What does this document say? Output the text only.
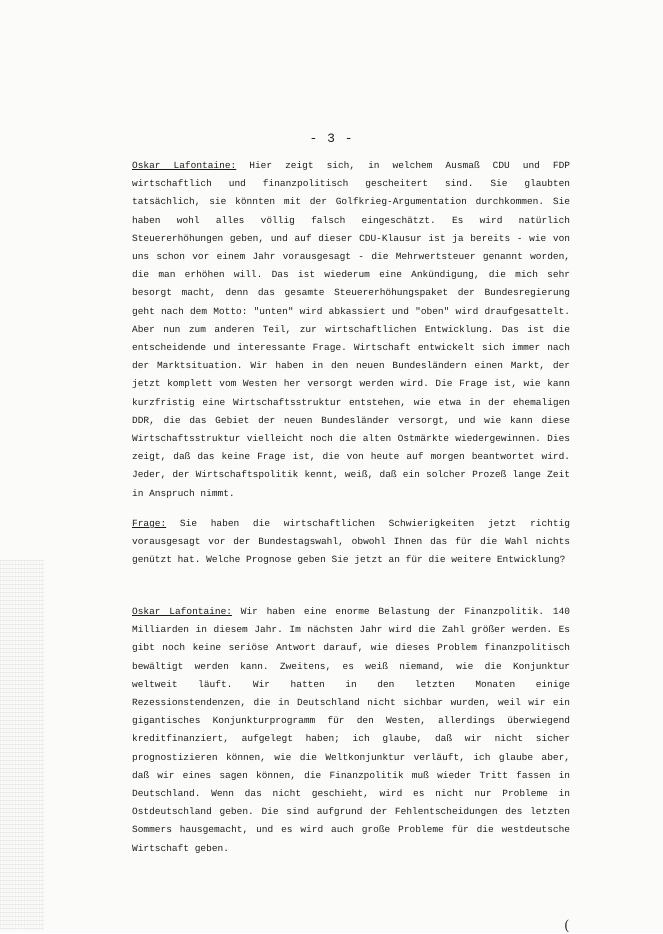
- 3 -

Oskar Lafontaine: Hier zeigt sich, in welchem Ausmaß CDU und FDP wirtschaftlich und finanzpolitisch gescheitert sind. Sie glaubten tatsächlich, sie könnten mit der Golfkrieg-Argumentation durchkommen. Sie haben wohl alles völlig falsch eingeschätzt. Es wird natürlich Steuererhöhungen geben, und auf dieser CDU-Klausur ist ja bereits - wie von uns schon vor einem Jahr vorausgesagt - die Mehrwertsteuer genannt worden, die man erhöhen will. Das ist wiederum eine Ankündigung, die mich sehr besorgt macht, denn das gesamte Steuererhöhungspaket der Bundesregierung geht nach dem Motto: "unten" wird abkassiert und "oben" wird draufgesattelt. Aber nun zum anderen Teil, zur wirtschaftlichen Entwicklung. Das ist die entscheidende und interessante Frage. Wirtschaft entwickelt sich immer nach der Marktsituation. Wir haben in den neuen Bundesländern einen Markt, der jetzt komplett vom Westen her versorgt werden wird. Die Frage ist, wie kann kurzfristig eine Wirtschaftsstruktur entstehen, wie etwa in der ehemaligen DDR, die das Gebiet der neuen Bundesländer versorgt, und wie kann diese Wirtschaftsstruktur vielleicht noch die alten Ostmärkte wiedergewinnen. Dies zeigt, daß das keine Frage ist, die von heute auf morgen beantwortet wird. Jeder, der Wirtschaftspolitik kennt, weiß, daß ein solcher Prozeß lange Zeit in Anspruch nimmt.

Frage: Sie haben die wirtschaftlichen Schwierigkeiten jetzt richtig vorausgesagt vor der Bundestagswahl, obwohl Ihnen das für die Wahl nichts genützt hat. Welche Prognose geben Sie jetzt an für die weitere Entwicklung?

Oskar Lafontaine: Wir haben eine enorme Belastung der Finanzpolitik. 140 Milliarden in diesem Jahr. Im nächsten Jahr wird die Zahl größer werden. Es gibt noch keine seriöse Antwort darauf, wie dieses Problem finanzpolitisch bewältigt werden kann. Zweitens, es weiß niemand, wie die Konjunktur weltweit läuft. Wir hatten in den letzten Monaten einige Rezessionstendenzen, die in Deutschland nicht sichbar wurden, weil wir ein gigantisches Konjunkturprogramm für den Westen, allerdings überwiegend kreditfinanziert, aufgelegt haben; ich glaube, daß wir nicht sicher prognostizieren können, wie die Weltkonjunktur verläuft, ich glaube aber, daß wir eines sagen können, die Finanzpolitik muß wieder Tritt fassen in Deutschland. Wenn das nicht geschieht, wird es nicht nur Probleme in Ostdeutschland geben. Die sind aufgrund der Fehlentscheidungen des letzten Sommers hausgemacht, und es wird auch große Probleme für die westdeutsche Wirtschaft geben.

(
